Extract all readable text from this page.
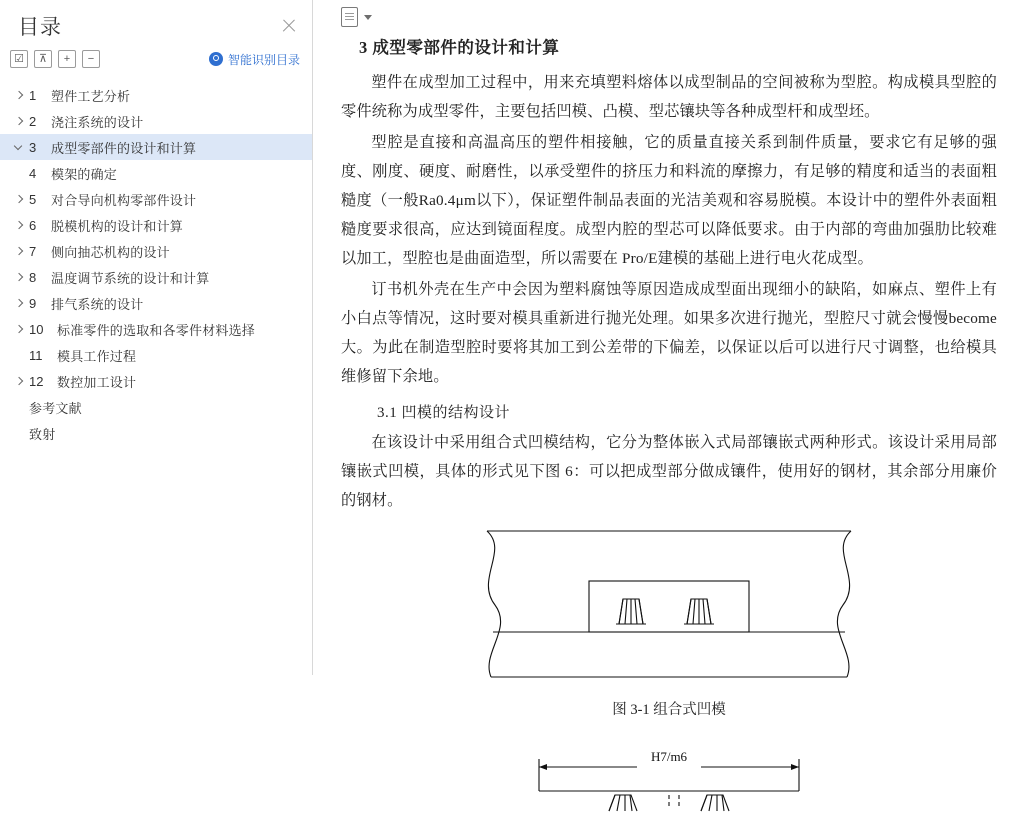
目录
☑	⊼	+	−	智能识别目录
1	塑件工艺分析
2	浇注系统的设计
3	成型零部件的设计和计算
4	模架的确定
5	对合导向机构零部件设计
6	脱模机构的设计和计算
7	侧向抽芯机构的设计
8	温度调节系统的设计和计算
9	排气系统的设计
10	标准零件的选取和各零件材料选择
11	模具工作过程
12	数控加工设计
参考文献
致射
3 成型零部件的设计和计算

塑件在成型加工过程中，用来充填塑料熔体以成型制品的空间被称为型腔。构成模具型腔的零件统称为成型零件，主要包括凹模、凸模、型芯镶块等各种成型杆和成型坯。

型腔是直接和高温高压的塑件相接触，它的质量直接关系到制件质量，要求它有足够的强度、刚度、硬度、耐磨性，以承受塑件的挤压力和料流的摩擦力，有足够的精度和适当的表面粗糙度（一般Ra0.4μm以下），保证塑件制品表面的光洁美观和容易脱模。本设计中的塑件外表面粗糙度要求很高，应达到镜面程度。成型内腔的型芯可以降低要求。由于内部的弯曲加强肋比较难以加工，型腔也是曲面造型，所以需要在 Pro/E建模的基础上进行电火花成型。

订书机外壳在生产中会因为塑料腐蚀等原因造成成型面出现细小的缺陷，如麻点、塑件上有小白点等情况，这时要对模具重新进行抛光处理。如果多次进行抛光，型腔尺寸就会慢慢become大。为此在制造型腔时要将其加工到公差带的下偏差，以保证以后可以进行尺寸调整，也给模具维修留下余地。

3.1 凹模的结构设计

在该设计中采用组合式凹模结构，它分为整体嵌入式局部镶嵌式两种形式。该设计采用局部镶嵌式凹模，具体的形式见下图 6：可以把成型部分做成镶件，使用好的钢材，其余部分用廉价的钢材。

图 3-1 组合式凹模
H7/m6
